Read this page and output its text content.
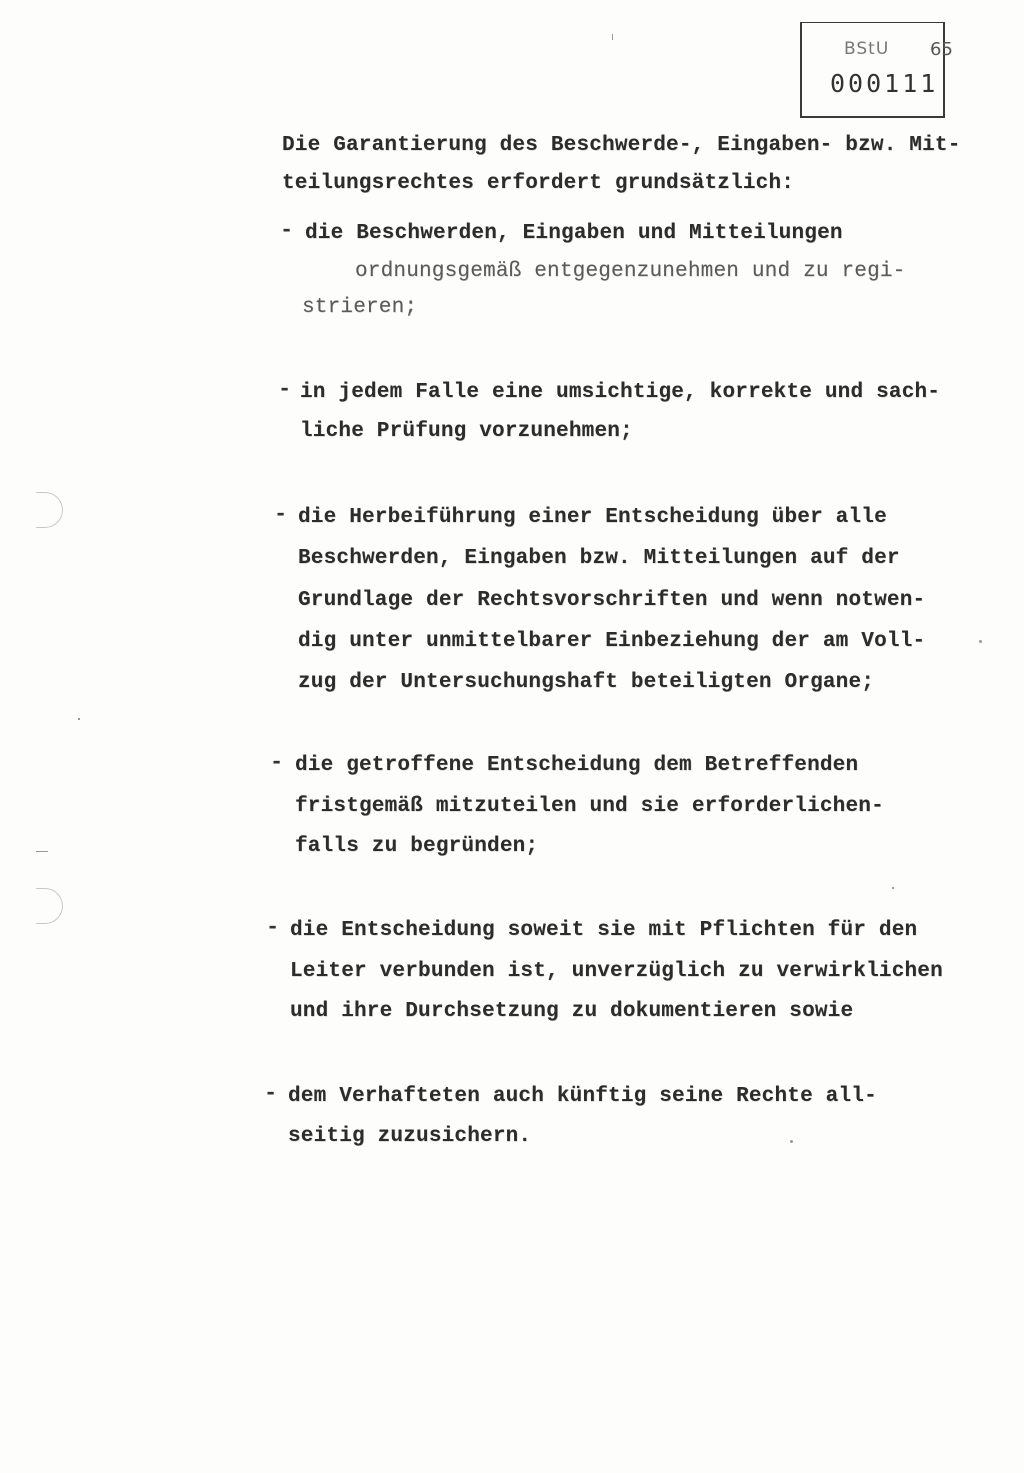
BStU 65
000111
Die Garantierung des Beschwerde-, Eingaben- bzw. Mit-
teilungsrechtes erfordert grundsätzlich:
- die Beschwerden, Eingaben und Mitteilungen
ordnungsgemäß entgegenzunehmen und zu regi-
strieren;
- in jedem Falle eine umsichtige, korrekte und sach-
liche Prüfung vorzunehmen;
- die Herbeiführung einer Entscheidung über alle
Beschwerden, Eingaben bzw. Mitteilungen auf der
Grundlage der Rechtsvorschriften und wenn notwen-
dig unter unmittelbarer Einbeziehung der am Voll-
zug der Untersuchungshaft beteiligten Organe;
- die getroffene Entscheidung dem Betreffenden
fristgemäß mitzuteilen und sie erforderlichen-
falls zu begründen;
- die Entscheidung soweit sie mit Pflichten für den
Leiter verbunden ist, unverzüglich zu verwirklichen
und ihre Durchsetzung zu dokumentieren sowie
- dem Verhafteten auch künftig seine Rechte all-
seitig zuzusichern.
